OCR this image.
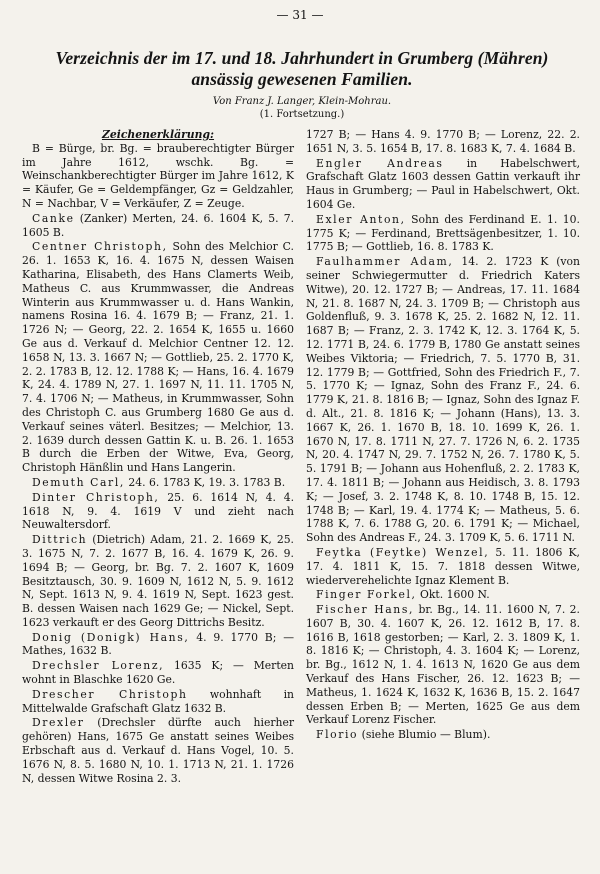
— 31 —
Verzeichnis der im 17. und 18. Jahrhundert in Grumberg (Mähren) ansässig gewesenen Familien.
Von Franz J. Langer, Klein-Mohrau.
(1. Fortsetzung.)

Zeichenerklärung:

B = Bürge, br. Bg. = brauberechtigter Bürger im Jahre 1612, wschk. Bg. = Weinschankberechtigter Bürger im Jahre 1612, K = Käufer, Ge = Geldempfänger, Gz = Geldzahler, N = Nachbar, V = Verkäufer, Z = Zeuge.

Canke (Zanker) Merten, 24. 6. 1604 K, 5. 7. 1605 B.

Centner Christoph, Sohn des Melchior C. 26. 1. 1653 K, 16. 4. 1675 N, dessen Waisen Katharina, Elisabeth, des Hans Clamerts Weib, Matheus C. aus Krummwasser, die Andreas Winterin aus Krummwasser u. d. Hans Wankin, namens Rosina 16. 4. 1679 B; — Franz, 21. 1. 1726 N; — Georg, 22. 2. 1654 K, 1655 u. 1660 Ge aus d. Verkauf d. Melchior Centner 12. 12. 1658 N, 13. 3. 1667 N; — Gottlieb, 25. 2. 1770 K, 2. 2. 1783 B, 12. 12. 1788 K; — Hans, 16. 4. 1679 K, 24. 4. 1789 N, 27. 1. 1697 N, 11. 11. 1705 N, 7. 4. 1706 N; — Matheus, in Krummwasser, Sohn des Christoph C. aus Grumberg 1680 Ge aus d. Verkauf seines väterl. Besitzes; — Melchior, 13. 2. 1639 durch dessen Gattin K. u. B. 26. 1. 1653 B durch die Erben der Witwe, Eva, Georg, Christoph Hänßlin und Hans Langerin.

Demuth Carl, 24. 6. 1783 K, 19. 3. 1783 B.

Dinter Christoph, 25. 6. 1614 N, 4. 4. 1618 N, 9. 4. 1619 V und zieht nach Neuwaltersdorf.

Dittrich (Dietrich) Adam, 21. 2. 1669 K, 25. 3. 1675 N, 7. 2. 1677 B, 16. 4. 1679 K, 26. 9. 1694 B; — Georg, br. Bg. 7. 2. 1607 K, 1609 Besitztausch, 30. 9. 1609 N, 1612 N, 5. 9. 1612 N, Sept. 1613 N, 9. 4. 1619 N, Sept. 1623 gest. B. dessen Waisen nach 1629 Ge; — Nickel, Sept. 1623 verkauft er des Georg Dittrichs Besitz.

Donig (Donigk) Hans, 4. 9. 1770 B; — Mathes, 1632 B.

Drechsler Lorenz, 1635 K; — Merten wohnt in Blaschke 1620 Ge.

Drescher Christoph wohnhaft in Mittelwalde Grafschaft Glatz 1632 B.

Drexler (Drechsler dürfte auch hierher gehören) Hans, 1675 Ge anstatt seines Weibes Erbschaft aus d. Verkauf d. Hans Vogel, 10. 5. 1676 N, 8. 5. 1680 N, 10. 1. 1713 N, 21. 1. 1726 N, dessen Witwe Rosina 2. 3.

1727 B; — Hans 4. 9. 1770 B; — Lorenz, 22. 2. 1651 N, 3. 5. 1654 B, 17. 8. 1683 K, 7. 4. 1684 B.

Engler Andreas in Habelschwert, Grafschaft Glatz 1603 dessen Gattin verkauft ihr Haus in Grumberg; — Paul in Habelschwert, Okt. 1604 Ge.

Exler Anton, Sohn des Ferdinand E. 1. 10. 1775 K; — Ferdinand, Brettsägenbesitzer, 1. 10. 1775 B; — Gottlieb, 16. 8. 1783 K.

Faulhammer Adam, 14. 2. 1723 K (von seiner Schwiegermutter d. Friedrich Katers Witwe), 20. 12. 1727 B; — Andreas, 17. 11. 1684 N, 21. 8. 1687 N, 24. 3. 1709 B; — Christoph aus Goldenfluß, 9. 3. 1678 K, 25. 2. 1682 N, 12. 11. 1687 B; — Franz, 2. 3. 1742 K, 12. 3. 1764 K, 5. 12. 1771 B, 24. 6. 1779 B, 1780 Ge anstatt seines Weibes Viktoria; — Friedrich, 7. 5. 1770 B, 31. 12. 1779 B; — Gottfried, Sohn des Friedrich F., 7. 5. 1770 K; — Ignaz, Sohn des Franz F., 24. 6. 1779 K, 21. 8. 1816 B; — Ignaz, Sohn des Ignaz F. d. Alt., 21. 8. 1816 K; — Johann (Hans), 13. 3. 1667 K, 26. 1. 1670 B, 18. 10. 1699 K, 26. 1. 1670 N, 17. 8. 1711 N, 27. 7. 1726 N, 6. 2. 1735 N, 20. 4. 1747 N, 29. 7. 1752 N, 26. 7. 1780 K, 5. 5. 1791 B; — Johann aus Hohenfluß, 2. 2. 1783 K, 17. 4. 1811 B; — Johann aus Heidisch, 3. 8. 1793 K; — Josef, 3. 2. 1748 K, 8. 10. 1748 B, 15. 12. 1748 B; — Karl, 19. 4. 1774 K; — Matheus, 5. 6. 1788 K, 7. 6. 1788 G, 20. 6. 1791 K; — Michael, Sohn des Andreas F., 24. 3. 1709 K, 5. 6. 1711 N.

Feytka (Feytke) Wenzel, 5. 11. 1806 K, 17. 4. 1811 K, 15. 7. 1818 dessen Witwe, wiederverehelichte Ignaz Klement B.

Finger Forkel, Okt. 1600 N.

Fischer Hans, br. Bg., 14. 11. 1600 N, 7. 2. 1607 B, 30. 4. 1607 K, 26. 12. 1612 B, 17. 8. 1616 B, 1618 gestorben; — Karl, 2. 3. 1809 K, 1. 8. 1816 K; — Christoph, 4. 3. 1604 K; — Lorenz, br. Bg., 1612 N, 1. 4. 1613 N, 1620 Ge aus dem Verkauf des Hans Fischer, 26. 12. 1623 B; — Matheus, 1. 1624 K, 1632 K, 1636 B, 15. 2. 1647 dessen Erben B; — Merten, 1625 Ge aus dem Verkauf Lorenz Fischer.

Florio (siehe Blumio — Blum).
